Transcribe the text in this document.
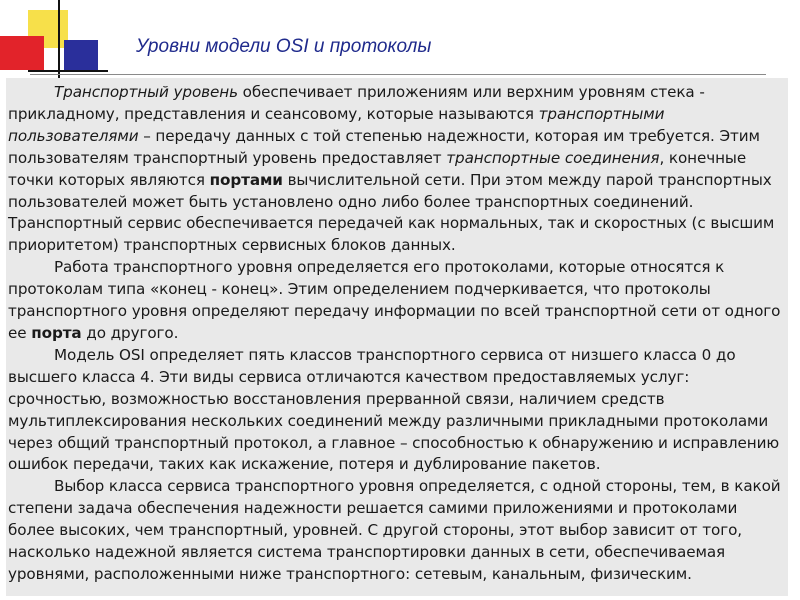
Уровни модели OSI и протоколы

Транспортный уровень обеспечивает приложениям или верхним уровням стека - прикладному, представления и сеансовому, которые называются транспортными пользователями – передачу данных с той степенью надежности, которая им требуется. Этим пользователям транспортный уровень предоставляет транспортные соединения, конечные точки которых являются портами вычислительной сети. При этом между парой транспортных пользователей может быть установлено одно либо более транспортных соединений. Транспортный сервис обеспечивается передачей как нормальных, так и скоростных (с высшим приоритетом) транспортных сервисных блоков данных.

Работа транспортного уровня определяется его протоколами, которые относятся к протоколам типа «конец - конец». Этим определением подчеркивается, что протоколы транспортного уровня определяют передачу информации по всей транспортной сети от одного ее порта до другого.

Модель OSI определяет пять классов транспортного сервиса от низшего класса 0 до высшего класса 4. Эти виды сервиса отличаются качеством предоставляемых услуг: срочностью, возможностью восстановления прерванной связи, наличием средств мультиплексирования нескольких соединений между различными прикладными протоколами через общий транспортный протокол, а главное – способностью к обнаружению и исправлению ошибок передачи, таких как искажение, потеря и дублирование пакетов.

Выбор класса сервиса транспортного уровня определяется, с одной стороны, тем, в какой степени задача обеспечения надежности решается самими приложениями и протоколами более высоких, чем транспортный, уровней. С другой стороны, этот выбор зависит от того, насколько надежной является система транспортировки данных в сети, обеспечиваемая уровнями, расположенными ниже транспортного: сетевым, канальным, физическим.
